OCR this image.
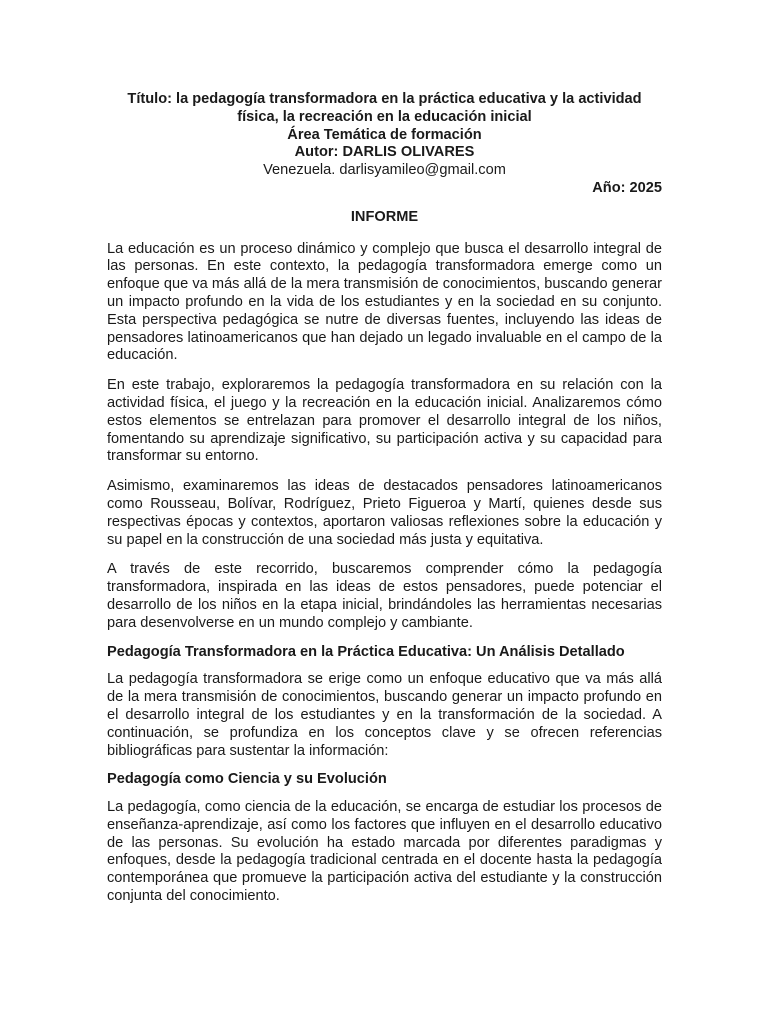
Título: la pedagogía transformadora en la práctica educativa y la actividad
física, la recreación en la educación inicial
Área Temática de formación
Autor: DARLIS OLIVARES
Venezuela. darlisyamileo@gmail.com
Año: 2025
INFORME

La educación es un proceso dinámico y complejo que busca el desarrollo integral de las personas. En este contexto, la pedagogía transformadora emerge como un enfoque que va más allá de la mera transmisión de conocimientos, buscando generar un impacto profundo en la vida de los estudiantes y en la sociedad en su conjunto. Esta perspectiva pedagógica se nutre de diversas fuentes, incluyendo las ideas de pensadores latinoamericanos que han dejado un legado invaluable en el campo de la educación.

En este trabajo, exploraremos la pedagogía transformadora en su relación con la actividad física, el juego y la recreación en la educación inicial. Analizaremos cómo estos elementos se entrelazan para promover el desarrollo integral de los niños, fomentando su aprendizaje significativo, su participación activa y su capacidad para transformar su entorno.

Asimismo, examinaremos las ideas de destacados pensadores latinoamericanos como Rousseau, Bolívar, Rodríguez, Prieto Figueroa y Martí, quienes desde sus respectivas épocas y contextos, aportaron valiosas reflexiones sobre la educación y su papel en la construcción de una sociedad más justa y equitativa.

A través de este recorrido, buscaremos comprender cómo la pedagogía transformadora, inspirada en las ideas de estos pensadores, puede potenciar el desarrollo de los niños en la etapa inicial, brindándoles las herramientas necesarias para desenvolverse en un mundo complejo y cambiante.

Pedagogía Transformadora en la Práctica Educativa: Un Análisis Detallado

La pedagogía transformadora se erige como un enfoque educativo que va más allá de la mera transmisión de conocimientos, buscando generar un impacto profundo en el desarrollo integral de los estudiantes y en la transformación de la sociedad. A continuación, se profundiza en los conceptos clave y se ofrecen referencias bibliográficas para sustentar la información:

Pedagogía como Ciencia y su Evolución

La pedagogía, como ciencia de la educación, se encarga de estudiar los procesos de enseñanza-aprendizaje, así como los factores que influyen en el desarrollo educativo de las personas. Su evolución ha estado marcada por diferentes paradigmas y enfoques, desde la pedagogía tradicional centrada en el docente hasta la pedagogía contemporánea que promueve la participación activa del estudiante y la construcción conjunta del conocimiento.
